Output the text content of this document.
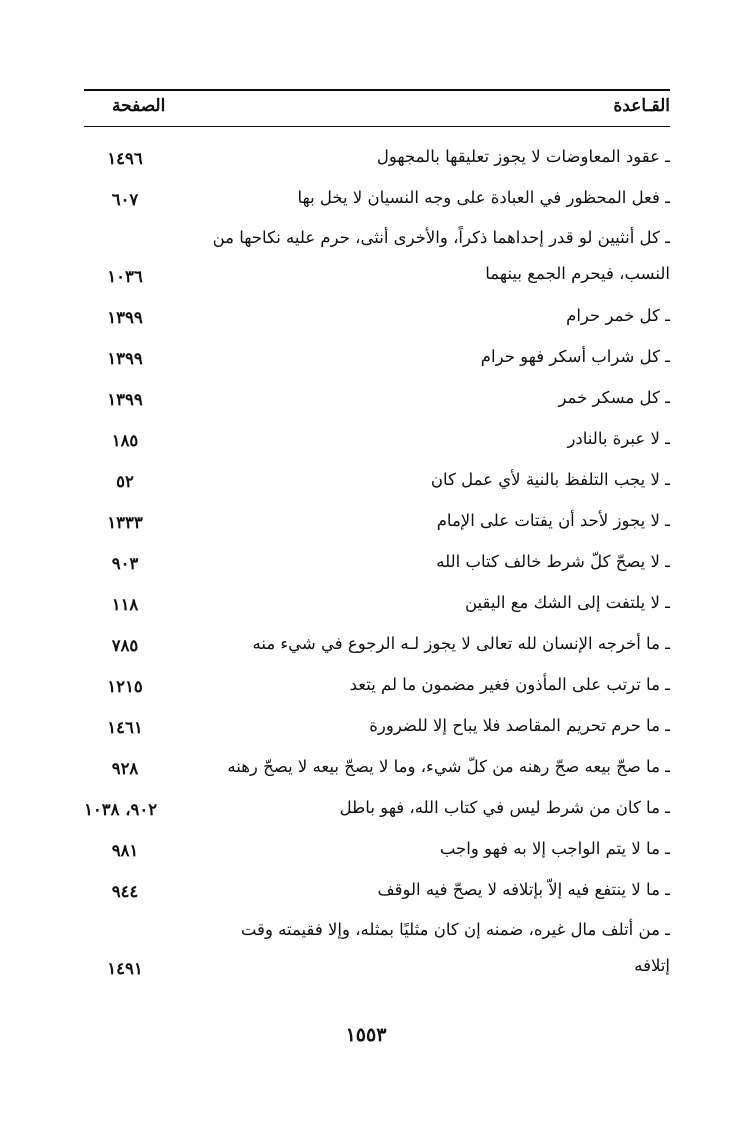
القـاعدة
الصفحة
ـ عقود المعاوضات لا يجوز تعليقها بالمجهول
١٤٩٦
ـ فعل المحظور في العبادة على وجه النسيان لا يخل بها
٦٠٧
ـ كل أنثيين لو قدر إحداهما ذكراً، والأخرى أنثى، حرم عليه نكاحها من النسب، فيحرم الجمع بينهما
١٠٣٦
ـ كل خمر حرام
١٣٩٩
ـ كل شراب أسكر فهو حرام
١٣٩٩
ـ كل مسكر خمر
١٣٩٩
ـ لا عبرة بالنادر
١٨٥
ـ لا يجب التلفظ بالنية لأي عمل كان
٥٢
ـ لا يجوز لأحد أن يفتات على الإمام
١٣٣٣
ـ لا يصحّ كلّ شرط خالف كتاب الله
٩٠٣
ـ لا يلتفت إلى الشك مع اليقين
١١٨
ـ ما أخرجه الإنسان لله تعالى لا يجوز لـه الرجوع في شيء منه
٧٨٥
ـ ما ترتب على المأذون فغير مضمون ما لم يتعد
١٢١٥
ـ ما حرم تحريم المقاصد فلا يباح إلا للضرورة
١٤٦١
ـ ما صحّ بيعه صحّ رهنه من كلّ شيء، وما لا يصحّ بيعه لا يصحّ رهنه
٩٢٨
ـ ما كان من شرط ليس في كتاب الله، فهو باطل
٩٠٢، ١٠٣٨
ـ ما لا يتم الواجب إلا به فهو واجب
٩٨١
ـ ما لا ينتفع فيه إلاّ بإتلافه لا يصحّ فيه الوقف
٩٤٤
ـ من أتلف مال غيره، ضمنه إن كان مثليًا بمثله، وإلا فقيمته وقت إتلافه
١٤٩١
١٥٥٣
